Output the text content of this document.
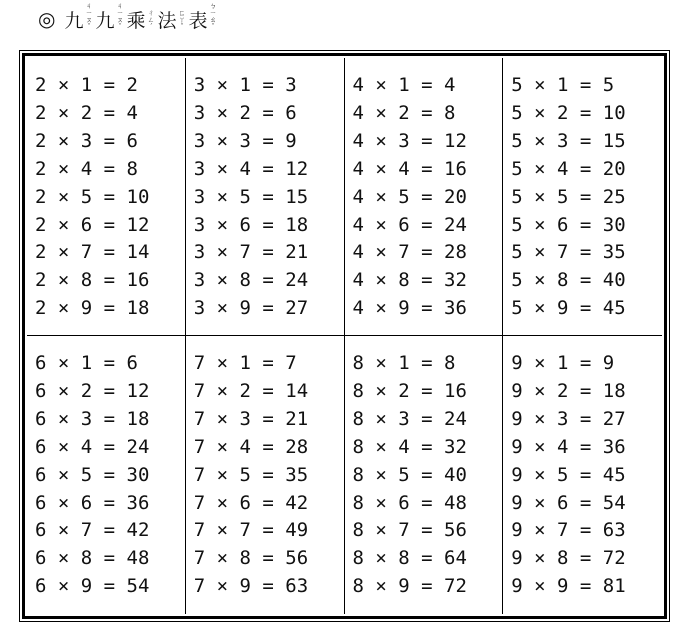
◎ 九
ㄐㄧㄡˇ 九
ㄐㄧㄡˇ 乘 ㄔㄥˊ 法 ㄈㄚˇ 表
ㄅㄧㄠˇ
2 × 1 = 2
2 × 2 = 4
2 × 3 = 6
2 × 4 = 8
2 × 5 = 10
2 × 6 = 12
2 × 7 = 14
2 × 8 = 16
2 × 9 = 18
3 × 1 = 3
3 × 2 = 6
3 × 3 = 9
3 × 4 = 12
3 × 5 = 15
3 × 6 = 18
3 × 7 = 21
3 × 8 = 24
3 × 9 = 27
4 × 1 = 4
4 × 2 = 8
4 × 3 = 12
4 × 4 = 16
4 × 5 = 20
4 × 6 = 24
4 × 7 = 28
4 × 8 = 32
4 × 9 = 36
5 × 1 = 5
5 × 2 = 10
5 × 3 = 15
5 × 4 = 20
5 × 5 = 25
5 × 6 = 30
5 × 7 = 35
5 × 8 = 40
5 × 9 = 45
6 × 1 = 6
6 × 2 = 12
6 × 3 = 18
6 × 4 = 24
6 × 5 = 30
6 × 6 = 36
6 × 7 = 42
6 × 8 = 48
6 × 9 = 54
7 × 1 = 7
7 × 2 = 14
7 × 3 = 21
7 × 4 = 28
7 × 5 = 35
7 × 6 = 42
7 × 7 = 49
7 × 8 = 56
7 × 9 = 63
8 × 1 = 8
8 × 2 = 16
8 × 3 = 24
8 × 4 = 32
8 × 5 = 40
8 × 6 = 48
8 × 7 = 56
8 × 8 = 64
8 × 9 = 72
9 × 1 = 9
9 × 2 = 18
9 × 3 = 27
9 × 4 = 36
9 × 5 = 45
9 × 6 = 54
9 × 7 = 63
9 × 8 = 72
9 × 9 = 81
